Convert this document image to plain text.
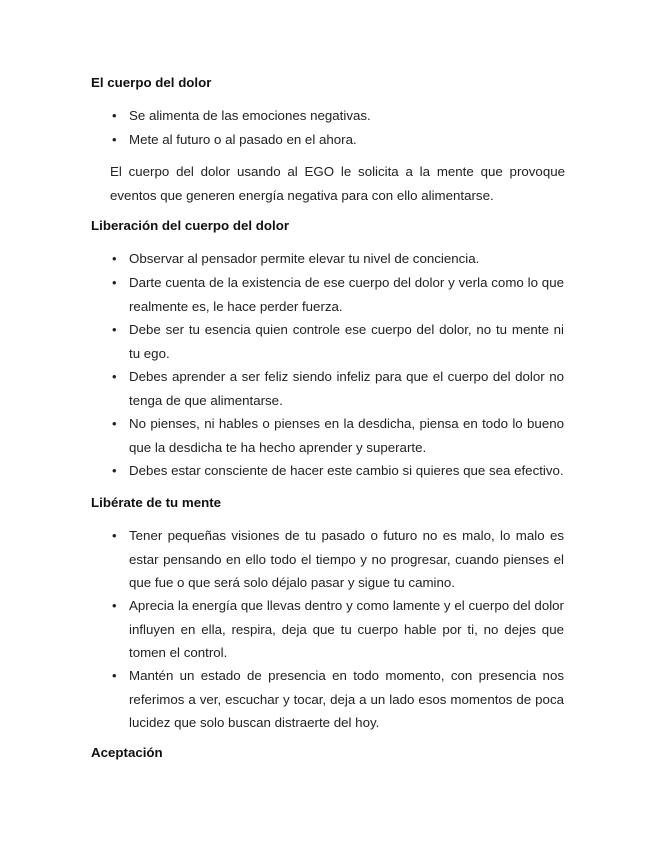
El cuerpo del dolor
• Se alimenta de las emociones negativas.
• Mete al futuro o al pasado en el ahora.

El cuerpo del dolor usando al EGO le solicita a la mente que provoque eventos que generen energía negativa para con ello alimentarse.

Liberación del cuerpo del dolor
• Observar al pensador permite elevar tu nivel de conciencia.
• Darte cuenta de la existencia de ese cuerpo del dolor y verla como lo que realmente es, le hace perder fuerza.
• Debe ser tu esencia quien controle ese cuerpo del dolor, no tu mente ni tu ego.
• Debes aprender a ser feliz siendo infeliz para que el cuerpo del dolor no tenga de que alimentarse.
• No pienses, ni hables o pienses en la desdicha, piensa en todo lo bueno que la desdicha te ha hecho aprender y superarte.
• Debes estar consciente de hacer este cambio si quieres que sea efectivo.
Libérate de tu mente
• Tener pequeñas visiones de tu pasado o futuro no es malo, lo malo es estar pensando en ello todo el tiempo y no progresar, cuando pienses el que fue o que será solo déjalo pasar y sigue tu camino.
• Aprecia la energía que llevas dentro y como lamente y el cuerpo del dolor influyen en ella, respira, deja que tu cuerpo hable por ti, no dejes que tomen el control.
• Mantén un estado de presencia en todo momento, con presencia nos referimos a ver, escuchar y tocar, deja a un lado esos momentos de poca lucidez que solo buscan distraerte del hoy.
Aceptación
